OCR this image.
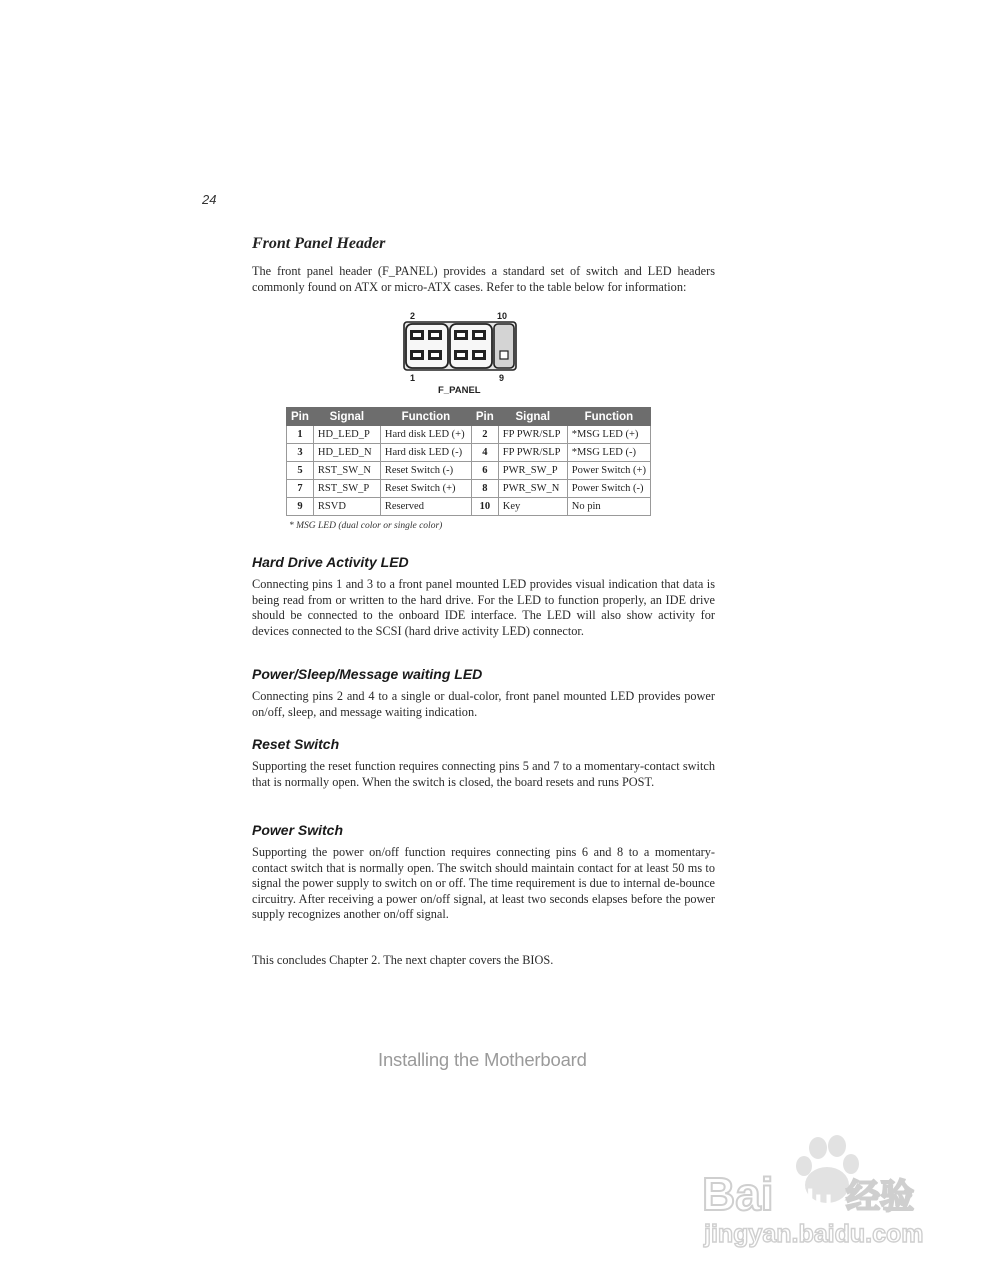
24
Front Panel Header

The front panel header (F_PANEL) provides a standard set of switch and LED headers commonly found on ATX or micro-ATX cases. Refer to the table below for information:

2	10
1	9
F_PANEL
Pin	Signal	Function	Pin	Signal	Function
1	HD_LED_P	Hard disk LED (+)	2	FP PWR/SLP	*MSG LED (+)
3	HD_LED_N	Hard disk LED (-)	4	FP PWR/SLP	*MSG LED (-)
5	RST_SW_N	Reset Switch (-)	6	PWR_SW_P	Power Switch (+)
7	RST_SW_P	Reset Switch (+)	8	PWR_SW_N	Power Switch (-)
9	RSVD	Reserved	10	Key	No pin
* MSG LED (dual color or single color)
Hard Drive Activity LED

Connecting pins 1 and 3 to a front panel mounted LED provides visual indication that data is being read from or written to the hard drive. For the LED to function properly, an IDE drive should be connected to the onboard IDE interface. The LED will also show activity for devices connected to the SCSI (hard drive activity LED) connector.

Power/Sleep/Message waiting LED

Connecting pins 2 and 4 to a single or dual-color, front panel mounted LED provides power on/off, sleep, and message waiting indication.

Reset Switch

Supporting the reset function requires connecting pins 5 and 7 to a momentary-contact switch that is normally open. When the switch is closed, the board resets and runs POST.

Power Switch

Supporting the power on/off function requires connecting pins 6 and 8 to a momentary-contact switch that is normally open. The switch should maintain contact for at least 50 ms to signal the power supply to switch on or off. The time requirement is due to internal de-bounce circuitry. After receiving a power on/off signal, at least two seconds elapses before the power supply recognizes another on/off signal.

This concludes Chapter 2. The next chapter covers the BIOS.

Installing the Motherboard
Bai du 经验
jingyan.baidu.com
